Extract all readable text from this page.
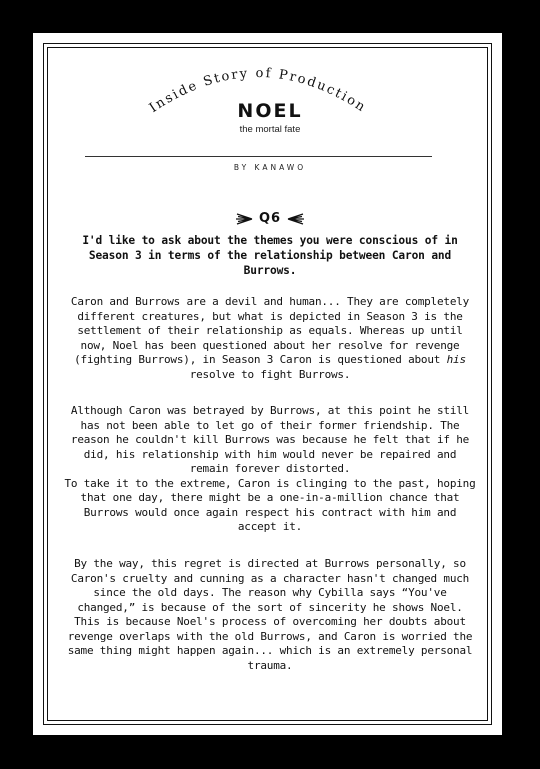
Inside Story of Production
NOEL
the mortal fate
BY KANAWO
Q6
I'd like to ask about the themes you were conscious of in Season 3 in terms of the relationship between Caron and Burrows.

Caron and Burrows are a devil and human... They are completely different creatures, but what is depicted in Season 3 is the settlement of their relationship as equals. Whereas up until now, Noel has been questioned about her resolve for revenge (fighting Burrows), in Season 3 Caron is questioned about his resolve to fight Burrows.

Although Caron was betrayed by Burrows, at this point he still has not been able to let go of their former friendship. The reason he couldn't kill Burrows was because he felt that if he did, his relationship with him would never be repaired and remain forever distorted.

To take it to the extreme, Caron is clinging to the past, hoping that one day, there might be a one-in-a-million chance that Burrows would once again respect his contract with him and accept it.

By the way, this regret is directed at Burrows personally, so Caron's cruelty and cunning as a character hasn't changed much since the old days. The reason why Cybilla says “You've changed,” is because of the sort of sincerity he shows Noel. This is because Noel's process of overcoming her doubts about revenge overlaps with the old Burrows, and Caron is worried the same thing might happen again... which is an extremely personal trauma.
